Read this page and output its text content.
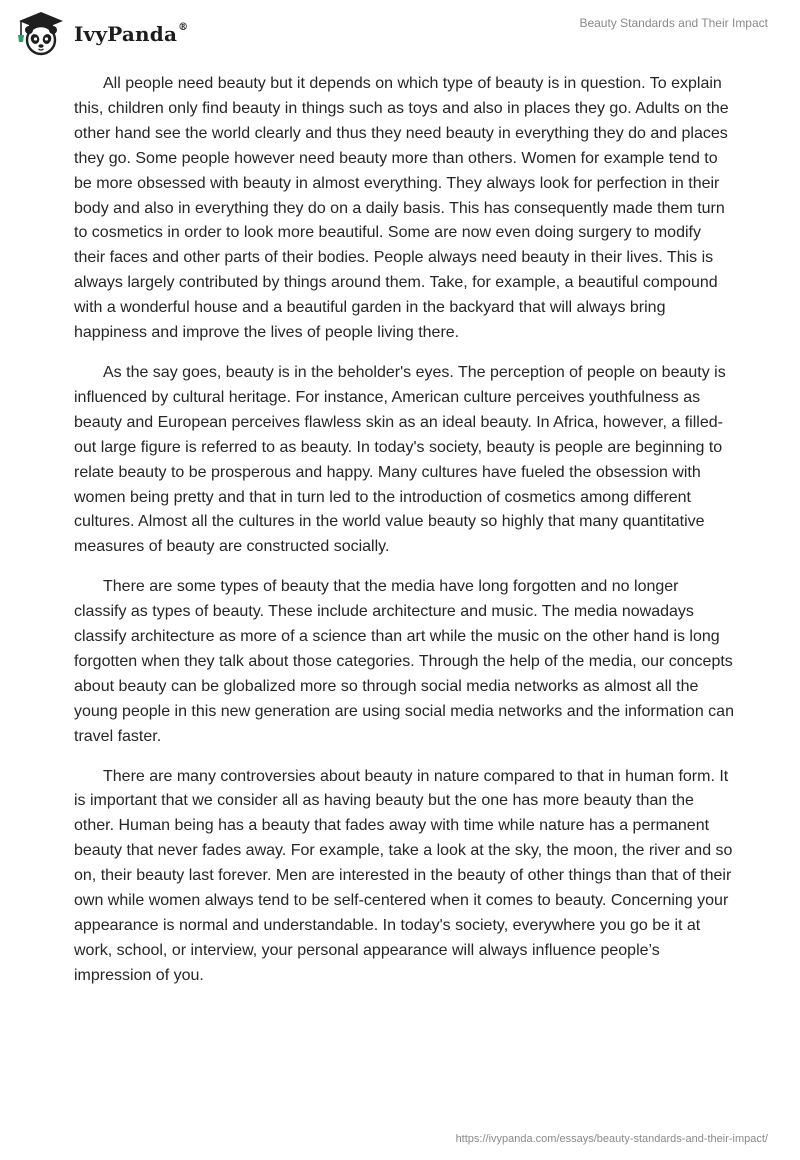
IvyPanda®	Beauty Standards and Their Impact

All people need beauty but it depends on which type of beauty is in question. To explain this, children only find beauty in things such as toys and also in places they go. Adults on the other hand see the world clearly and thus they need beauty in everything they do and places they go. Some people however need beauty more than others. Women for example tend to be more obsessed with beauty in almost everything. They always look for perfection in their body and also in everything they do on a daily basis. This has consequently made them turn to cosmetics in order to look more beautiful. Some are now even doing surgery to modify their faces and other parts of their bodies. People always need beauty in their lives. This is always largely contributed by things around them. Take, for example, a beautiful compound with a wonderful house and a beautiful garden in the backyard that will always bring happiness and improve the lives of people living there.

As the say goes, beauty is in the beholder's eyes. The perception of people on beauty is influenced by cultural heritage. For instance, American culture perceives youthfulness as beauty and European perceives flawless skin as an ideal beauty. In Africa, however, a filled-out large figure is referred to as beauty. In today's society, beauty is people are beginning to relate beauty to be prosperous and happy. Many cultures have fueled the obsession with women being pretty and that in turn led to the introduction of cosmetics among different cultures. Almost all the cultures in the world value beauty so highly that many quantitative measures of beauty are constructed socially.

There are some types of beauty that the media have long forgotten and no longer classify as types of beauty. These include architecture and music. The media nowadays classify architecture as more of a science than art while the music on the other hand is long forgotten when they talk about those categories. Through the help of the media, our concepts about beauty can be globalized more so through social media networks as almost all the young people in this new generation are using social media networks and the information can travel faster.

There are many controversies about beauty in nature compared to that in human form. It is important that we consider all as having beauty but the one has more beauty than the other. Human being has a beauty that fades away with time while nature has a permanent beauty that never fades away. For example, take a look at the sky, the moon, the river and so on, their beauty last forever. Men are interested in the beauty of other things than that of their own while women always tend to be self-centered when it comes to beauty. Concerning your appearance is normal and understandable. In today's society, everywhere you go be it at work, school, or interview, your personal appearance will always influence people’s impression of you.

https://ivypanda.com/essays/beauty-standards-and-their-impact/
